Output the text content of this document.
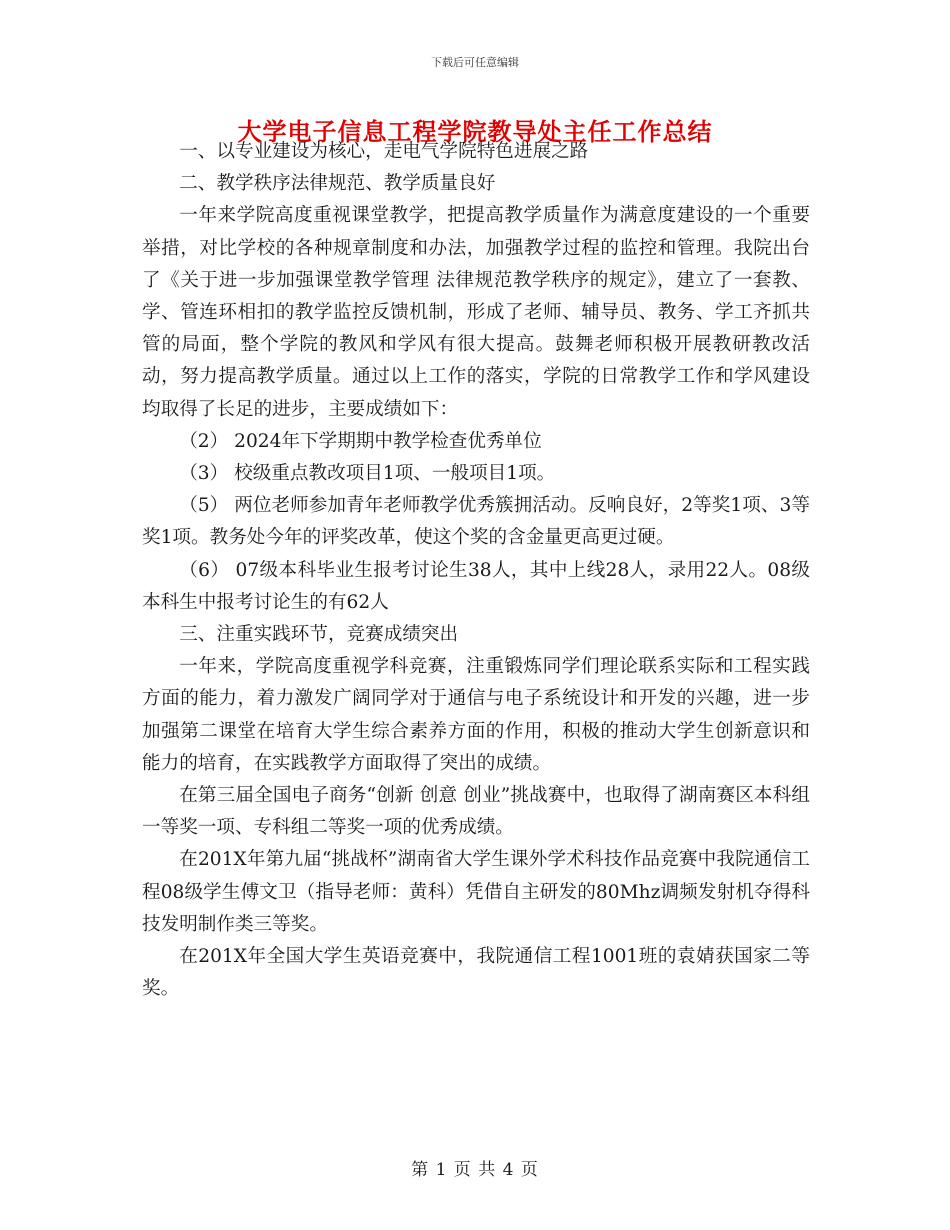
下载后可任意编辑
大学电子信息工程学院教导处主任工作总结

一、以专业建设为核心，走电气学院特色进展之路

二、教学秩序法律规范、教学质量良好

一年来学院高度重视课堂教学，把提高教学质量作为满意度建设的一个重要举措，对比学校的各种规章制度和办法，加强教学过程的监控和管理。我院出台了《关于进一步加强课堂教学管理 法律规范教学秩序的规定》，建立了一套教、学、管连环相扣的教学监控反馈机制，形成了老师、辅导员、教务、学工齐抓共管的局面，整个学院的教风和学风有很大提高。鼓舞老师积极开展教研教改活动，努力提高教学质量。通过以上工作的落实，学院的日常教学工作和学风建设均取得了长足的进步，主要成绩如下：

（2） 2024年下学期期中教学检查优秀单位

（3） 校级重点教改项目1项、一般项目1项。

（5） 两位老师参加青年老师教学优秀簇拥活动。反响良好，2等奖1项、3等奖1项。教务处今年的评奖改革，使这个奖的含金量更高更过硬。

（6） 07级本科毕业生报考讨论生38人，其中上线28人，录用22人。08级本科生中报考讨论生的有62人

三、注重实践环节，竞赛成绩突出

一年来，学院高度重视学科竞赛，注重锻炼同学们理论联系实际和工程实践方面的能力，着力激发广阔同学对于通信与电子系统设计和开发的兴趣，进一步加强第二课堂在培育大学生综合素养方面的作用，积极的推动大学生创新意识和能力的培育，在实践教学方面取得了突出的成绩。

在第三届全国电子商务“创新 创意 创业”挑战赛中，也取得了湖南赛区本科组一等奖一项、专科组二等奖一项的优秀成绩。

在201X年第九届“挑战杯”湖南省大学生课外学术科技作品竞赛中我院通信工程08级学生傅文卫（指导老师：黄科）凭借自主研发的80Mhz调频发射机夺得科技发明制作类三等奖。

在201X年全国大学生英语竞赛中，我院通信工程1001班的袁婧获国家二等奖。

第 1 页 共 4 页
